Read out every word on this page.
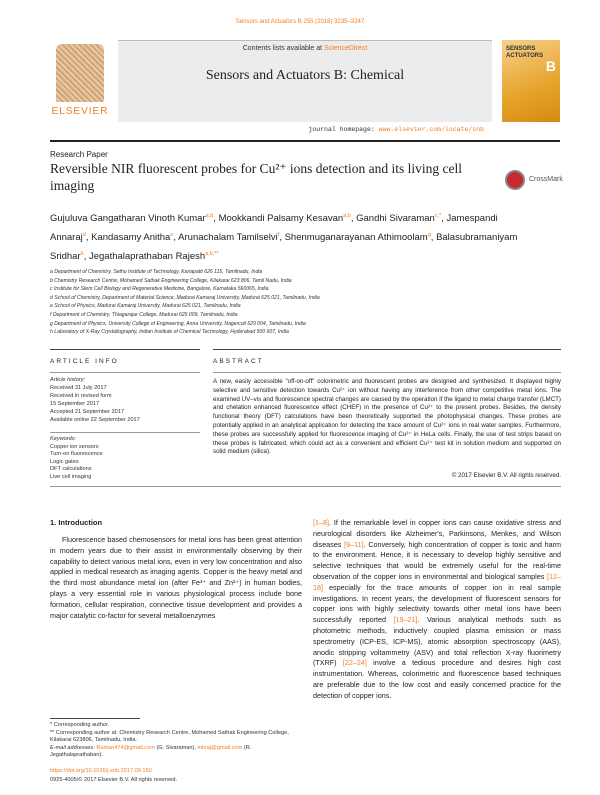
Sensors and Actuators B 255 (2018) 3235–3247
ELSEVIER
Contents lists available at ScienceDirect
Sensors and Actuators B: Chemical
journal homepage: www.elsevier.com/locate/snb
SENSORS
ACTUATORS
B
Research Paper
Reversible NIR fluorescent probes for Cu²⁺ ions detection and its living cell imaging	CrossMark
Gujuluva Gangatharan Vinoth Kumar$^{a,b}$, Mookkandi Palsamy Kesavan$^{a,b}$, Gandhi Sivaraman$^{c,*}$, Jamespandi Annaraj$^d$, Kandasamy Anitha$^e$, Arunachalam Tamilselvi$^f$, Shenmuganarayanan Athimoolam$^g$, Balasubramaniyam Sridhar$^h$, Jegathalaprathaban Rajesh$^{a,b,**}$
a Department of Chemistry, Sethu Institute of Technology, Kariapatti 626 115, Tamilnadu, India
b Chemistry Research Centre, Mohamed Sathak Engineering College, Kilakarai 623 806, Tamil Nadu, India
c Institute for Stem Cell Biology and Regenerative Medicine, Bangalore, Karnataka 560065, India
d School of Chemistry, Department of Material Science, Madurai Kamaraj University, Madurai 625 021, Tamilnadu, India
e School of Physics, Madurai Kamaraj University, Madurai 625 021, Tamilnadu, India
f Department of Chemistry, Thiagarajar College, Madurai 625 009, Tamilnadu, India
g Department of Physics, University College of Engineering, Anna University, Nagercoil 629 004, Tamilnadu, India
h Laboratory of X-Ray Crystallography, Indian Institute of Chemical Technology, Hyderabad 500 607, India
ARTICLE INFO	ABSTRACT
Article history:
Received 31 July 2017
Received in revised form
15 September 2017
Accepted 21 September 2017
Available online 22 September 2017
Keywords:
Copper ion sensors
Turn-on fluorescence
Logic gates
DFT calculations
Live cell imaging
A new, easily accessible "off-on-off" colorimetric and fluorescent probes are designed and synthesized. It displayed highly selective and sensitive detection towards Cu²⁺ ion without having any interference from other competitive metal ions. The examined UV–vis and fluorescence spectral changes are caused by the operation if the ligand to metal charge transfer (LMCT) and chelation enhanced fluorescence effect (CHEF) in the presence of Cu²⁺ to the present probes. Besides, the density functional theory (DFT) calculations have been theoretically supported the photophysical changes. These probes are potentially applied in an analytical application for detecting the trace amount of Cu²⁺ ions in real water samples. Furthermore, these probes are successfully applied for fluorescence imaging of Cu²⁺ in HeLa cells. Finally, the use of test strips based on these probes is fabricated, which could act as a convenient and efficient Cu²⁺ test kit in solution medium and supported on solid medium (silica).
© 2017 Elsevier B.V. All rights reserved.
1. Introduction
Fluorescence based chemosensors for metal ions has been great attention in modern years due to their assist in environmentally observing by their capability to detect various metal ions, even in very low concentration and also applied in medical research as imaging agents. Copper is the heavy metal and the third most abundance metal ion (after Fe³⁺ and Zn²⁺) in human bodies, plays a very essential role in various physiological process include bone formation, cellular respiration, connective tissue development and provides a major catalytic co-factor for several metalloenzymes
[1–8]. If the remarkable level in copper ions can cause oxidative stress and neurological disorders like Alzheimer's, Parkinsons, Menkes, and Wilson diseases [9–11]. Conversely, high concentration of copper is toxic and harm to the environment. Hence, it is necessary to develop highly sensitive and selective techniques that would be extremely useful for the real-time observation of the copper ions in environmental and biological samples [12–18] especially for the trace amounts of copper ion in real sample investigations. In recent years, the development of fluorescent sensors for copper ions with highly selectivity towards other metal ions have been successfully reported [19–21]. Various analytical methods such as photometric methods, inductively coupled plasma emission or mass spectrometry (ICP-ES, ICP-MS), atomic absorption spectroscopy (AAS), anodic stripping voltammetry (ASV) and total reflection X-ray fluorimetry (TXRF) [22–24] involve a tedious procedure and desires high cost instrumentation. Whereas, colorimetric and fluorescence based techniques are preferable due to the low cost and easily concerned practice for the detection of copper ions.
* Corresponding author.
** Corresponding author at: Chemistry Research Centre, Mohamed Sathak Engineering College, Kilakarai 623806, Tamilnadu, India.
E-mail addresses: Raman474@gmail.com (G. Sivaraman), mkraj@gmail.com (R. Jegathalaprathaban).
https://doi.org/10.1016/j.snb.2017.09.150
0925-4005/© 2017 Elsevier B.V. All rights reserved.
